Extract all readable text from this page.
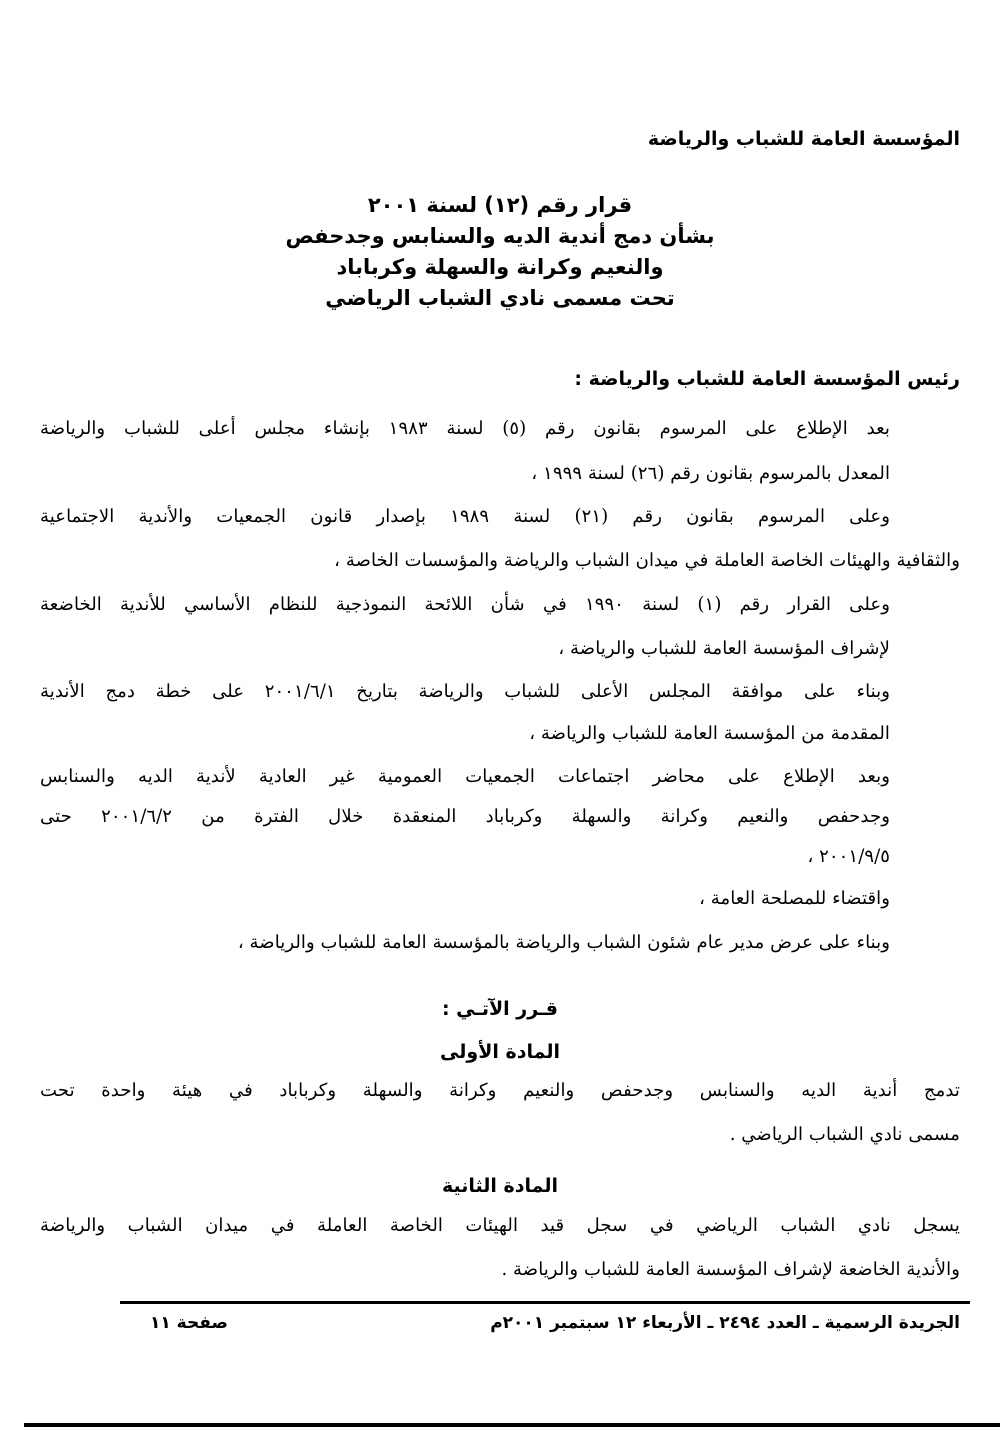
المؤسسة العامة للشباب والرياضة
قرار رقم (١٢) لسنة ٢٠٠١
بشأن دمج أندية الديه والسنابس وجدحفص
والنعيم وكرانة والسهلة وكرباباد
تحت مسمى نادي الشباب الرياضي
رئيس المؤسسة العامة للشباب والرياضة :
بعد الإطلاع على المرسوم بقانون رقم (٥) لسنة ١٩٨٣ بإنشاء مجلس أعلى للشباب والرياضة
المعدل بالمرسوم بقانون رقم (٢٦) لسنة ١٩٩٩ ،
وعلى المرسوم بقانون رقم (٢١) لسنة ١٩٨٩ بإصدار قانون الجمعيات والأندية الاجتماعية
والثقافية والهيئات الخاصة العاملة في ميدان الشباب والرياضة والمؤسسات الخاصة ،
وعلى القرار رقم (١) لسنة ١٩٩٠ في شأن اللائحة النموذجية للنظام الأساسي للأندية الخاضعة
لإشراف المؤسسة العامة للشباب والرياضة ،
وبناء على موافقة المجلس الأعلى للشباب والرياضة بتاريخ ٢٠٠١/٦/١ على خطة دمج الأندية
المقدمة من المؤسسة العامة للشباب والرياضة ،
وبعد الإطلاع على محاضر اجتماعات الجمعيات العمومية غير العادية لأندية الديه والسنابس
وجدحفص والنعيم وكرانة والسهلة وكرباباد المنعقدة خلال الفترة من ٢٠٠١/٦/٢ حتى
٢٠٠١/٩/٥ ،
واقتضاء للمصلحة العامة ،
وبناء على عرض مدير عام شئون الشباب والرياضة بالمؤسسة العامة للشباب والرياضة ،
قـرر الآتـي :
المادة الأولى
تدمج أندية الديه والسنابس وجدحفص والنعيم وكرانة والسهلة وكرباباد في هيئة واحدة تحت
مسمى نادي الشباب الرياضي .
المادة الثانية
يسجل نادي الشباب الرياضي في سجل قيد الهيئات الخاصة العاملة في ميدان الشباب والرياضة
والأندية الخاضعة لإشراف المؤسسة العامة للشباب والرياضة .
الجريدة الرسمية ـ العدد ٢٤٩٤ ـ الأربعاء ١٢ سبتمبر ٢٠٠١م
صفحة ١١
